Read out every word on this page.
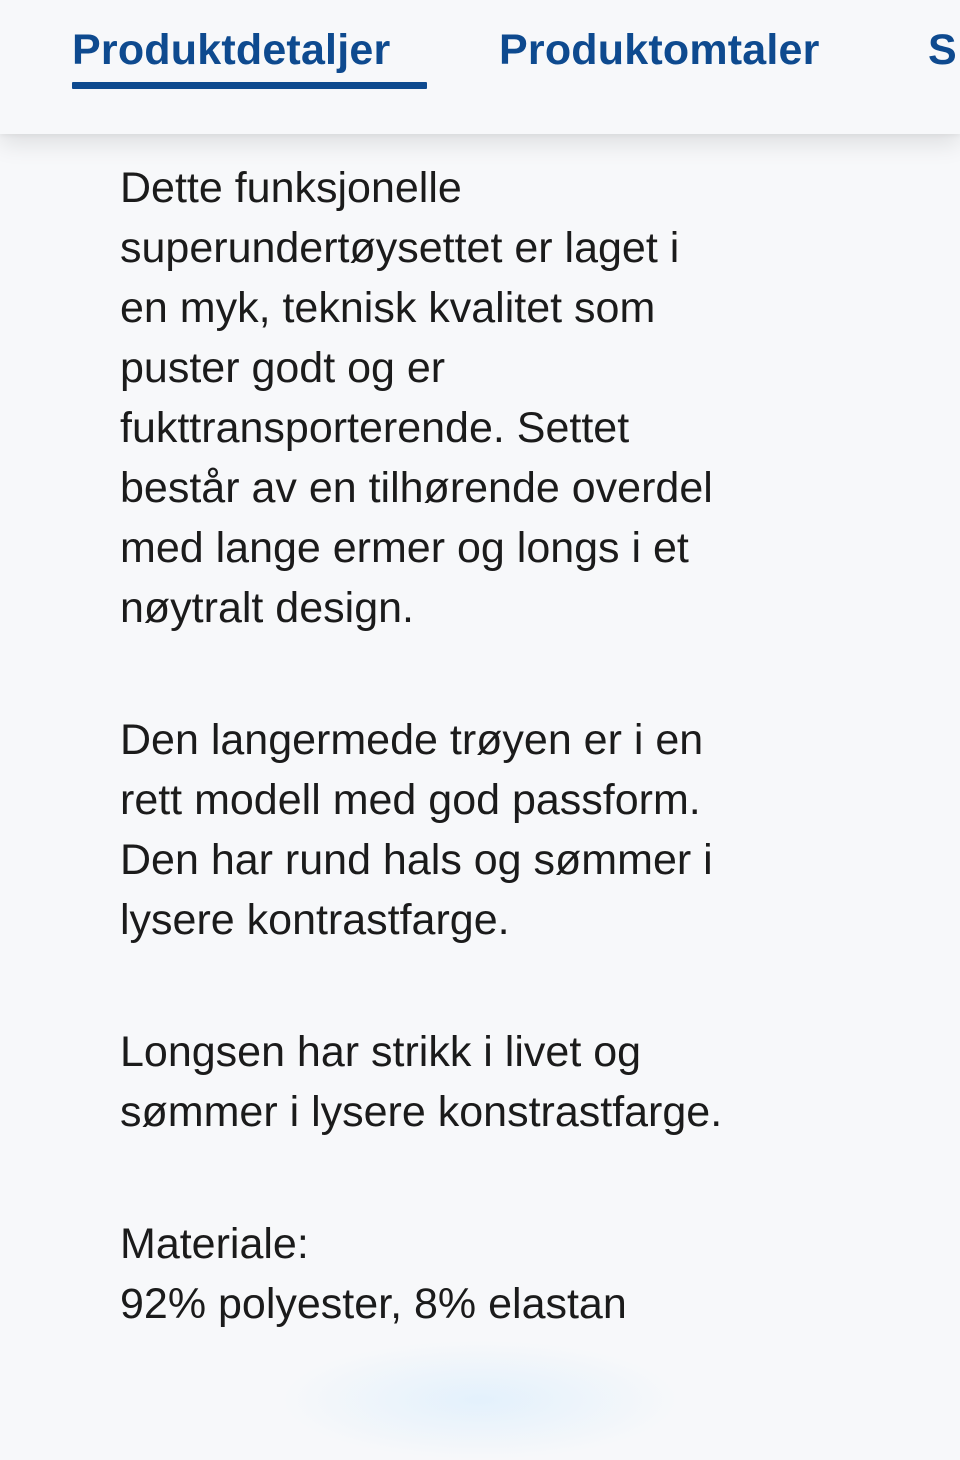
Produktdetaljer	Produktomtaler	S

Dette funksjonelle
superundertøysettet er laget i
en myk, teknisk kvalitet som
puster godt og er
fukttransporterende. Settet
består av en tilhørende overdel
med lange ermer og longs i et
nøytralt design.

Den langermede trøyen er i en
rett modell med god passform.
Den har rund hals og sømmer i
lysere kontrastfarge.

Longsen har strikk i livet og
sømmer i lysere konstrastfarge.

Materiale:
92% polyester, 8% elastan
